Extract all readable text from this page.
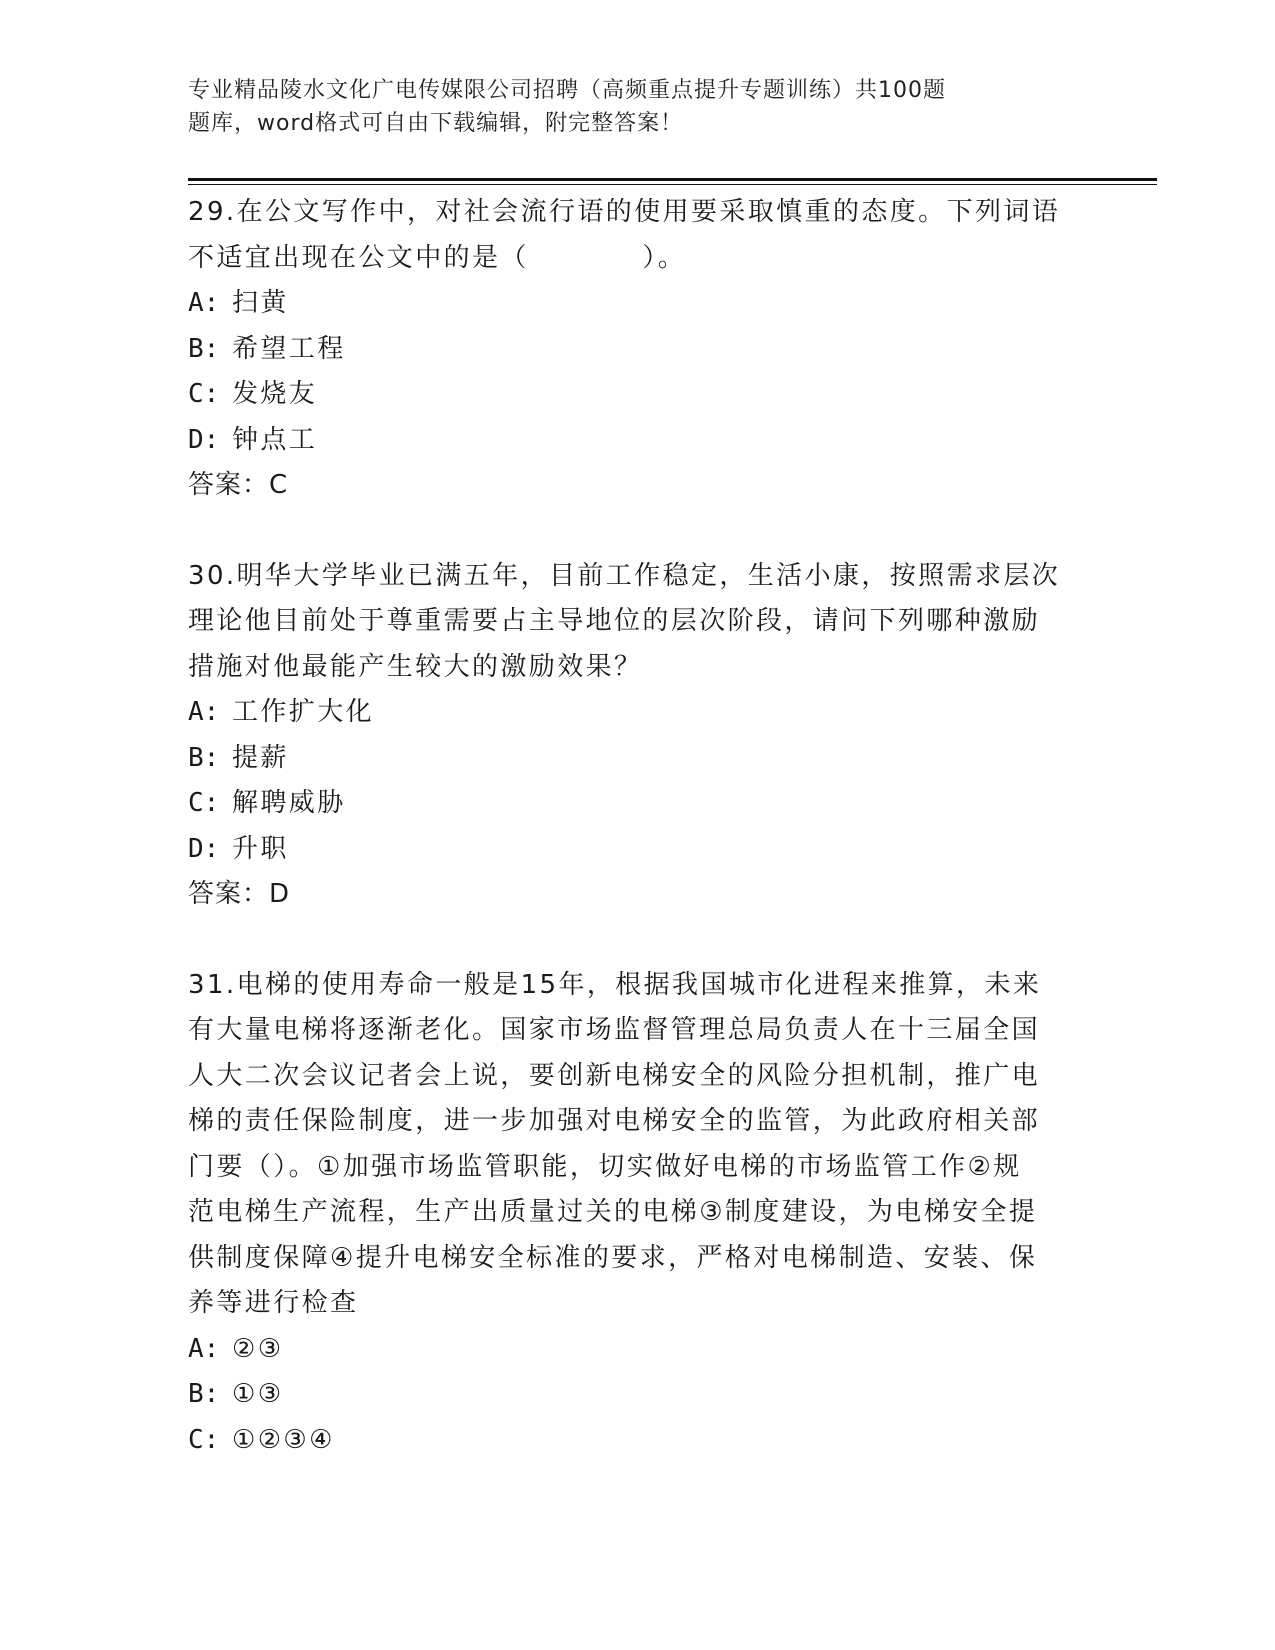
专业精品陵水文化广电传媒限公司招聘（高频重点提升专题训练）共100题
题库，word格式可自由下载编辑，附完整答案！

29.在公文写作中，对社会流行语的使用要采取慎重的态度。下列词语
不适宜出现在公文中的是（　　　　）。

A: 扫黄

B: 希望工程

C: 发烧友

D: 钟点工

答案：C

30.明华大学毕业已满五年，目前工作稳定，生活小康，按照需求层次
理论他目前处于尊重需要占主导地位的层次阶段，请问下列哪种激励
措施对他最能产生较大的激励效果？

A: 工作扩大化

B: 提薪

C: 解聘威胁

D: 升职

答案：D

31.电梯的使用寿命一般是15年，根据我国城市化进程来推算，未来
有大量电梯将逐渐老化。国家市场监督管理总局负责人在十三届全国
人大二次会议记者会上说，要创新电梯安全的风险分担机制，推广电
梯的责任保险制度，进一步加强对电梯安全的监管，为此政府相关部
门要（）。①加强市场监管职能，切实做好电梯的市场监管工作②规
范电梯生产流程，生产出质量过关的电梯③制度建设，为电梯安全提
供制度保障④提升电梯安全标准的要求，严格对电梯制造、安装、保
养等进行检查

A: ②③

B: ①③

C: ①②③④
